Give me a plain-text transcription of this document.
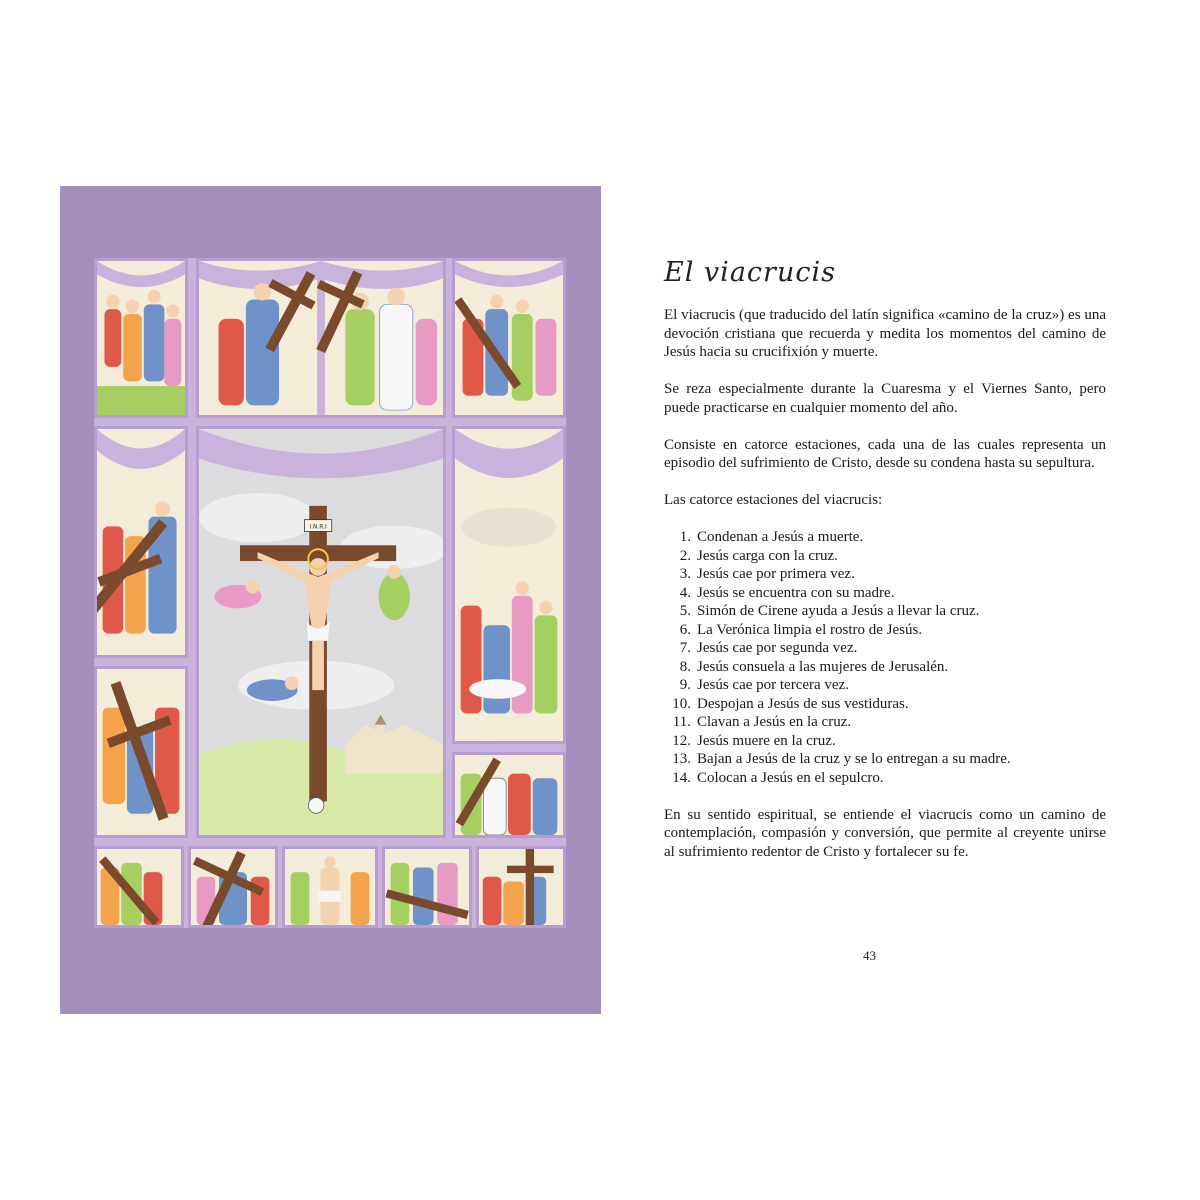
I.N.R.I
El viacrucis

El viacrucis (que traducido del latín significa «camino de la cruz») es una devoción cristiana que recuerda y medita los momentos del camino de Jesús hacia su crucifixión y muerte.

Se reza especialmente durante la Cuaresma y el Viernes Santo, pero puede practicarse en cualquier momento del año.

Consiste en catorce estaciones, cada una de las cuales representa un episodio del sufrimiento de Cristo, desde su condena hasta su sepultura.

Las catorce estaciones del viacrucis:

1. Condenan a Jesús a muerte.
2. Jesús carga con la cruz.
3. Jesús cae por primera vez.
4. Jesús se encuentra con su madre.
5. Simón de Cirene ayuda a Jesús a llevar la cruz.
6. La Verónica limpia el rostro de Jesús.
7. Jesús cae por segunda vez.
8. Jesús consuela a las mujeres de Jerusalén.
9. Jesús cae por tercera vez.
10. Despojan a Jesús de sus vestiduras.
11. Clavan a Jesús en la cruz.
12. Jesús muere en la cruz.
13. Bajan a Jesús de la cruz y se lo entregan a su madre.
14. Colocan a Jesús en el sepulcro.

En su sentido espiritual, se entiende el viacrucis como un camino de contemplación, compasión y conversión, que permite al creyente unirse al sufrimiento redentor de Cristo y fortalecer su fe.

43
